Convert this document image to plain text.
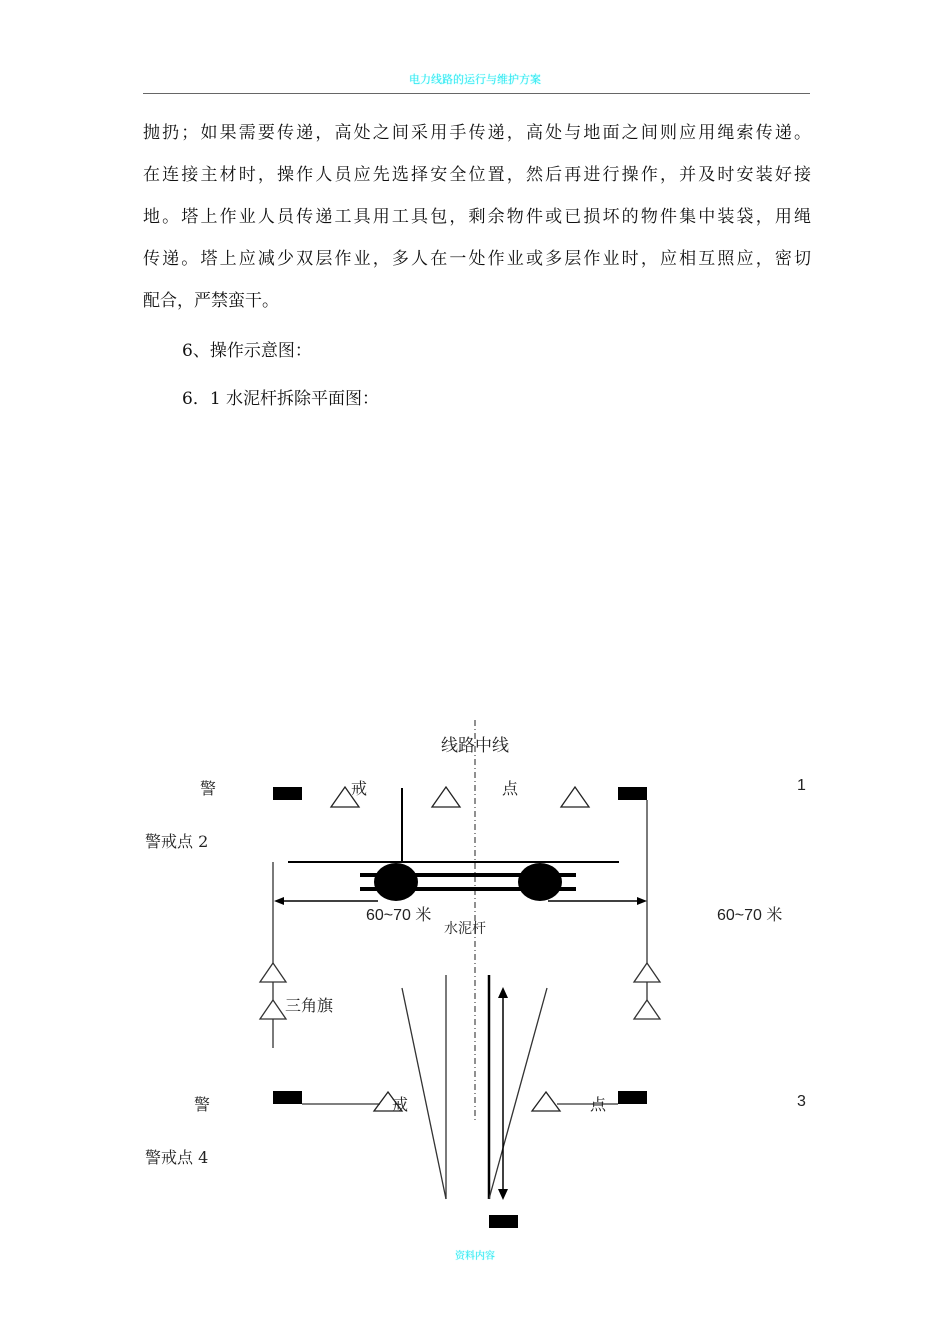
电力线路的运行与维护方案
抛扔；如果需要传递，高处之间采用手传递，高处与地面之间则应用绳索传递。
在连接主材时，操作人员应先选择安全位置，然后再进行操作，并及时安装好接
地。塔上作业人员传递工具用工具包，剩余物件或已损坏的物件集中装袋，用绳
传递。塔上应减少双层作业，多人在一处作业或多层作业时，应相互照应，密切
配合，严禁蛮干。
6、操作示意图：
6．1 水泥杆拆除平面图：
线路中线
警	戒	点	1
警戒点 2
60~70 米	60~70 米
水泥杆
三角旗
警	戒	点	3
警戒点 4
资料内容
